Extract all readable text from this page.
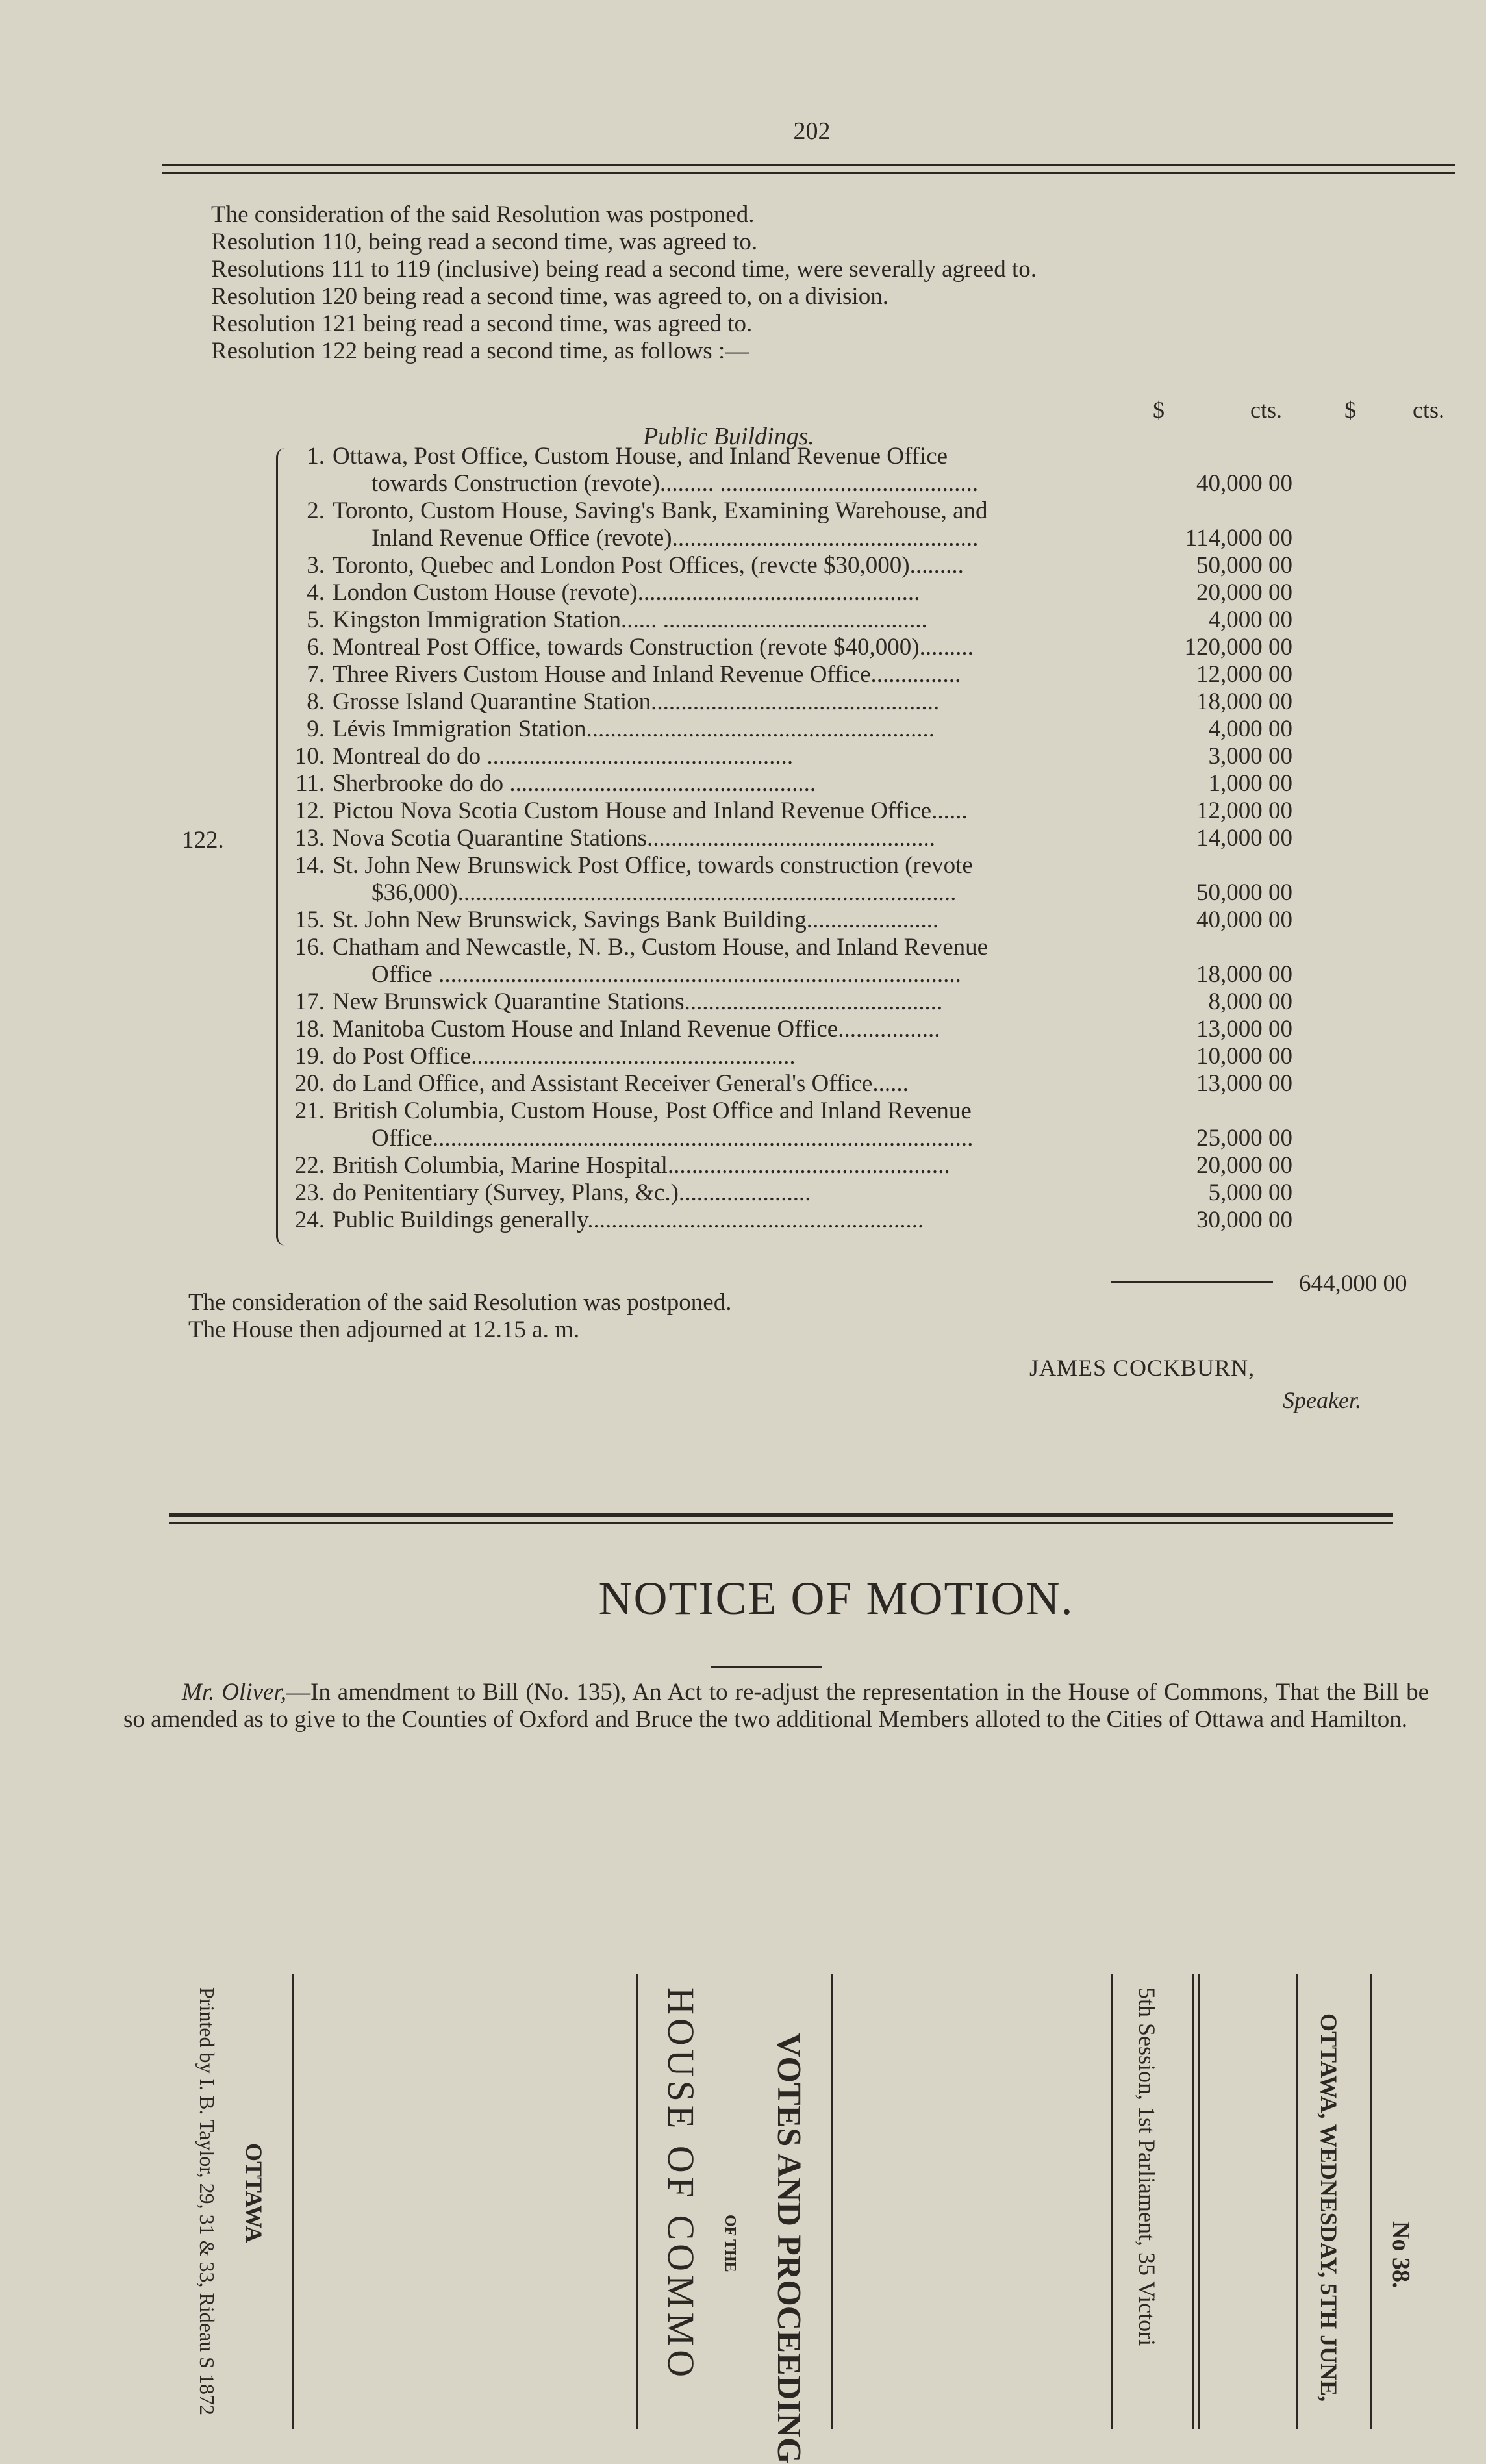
202
The consideration of the said Resolution was postponed.
Resolution 110, being read a second time, was agreed to.
Resolutions 111 to 119 (inclusive) being read a second time, were severally agreed to.
Resolution 120 being read a second time, was agreed to, on a division.
Resolution 121 being read a second time, was agreed to.
Resolution 122 being read a second time, as follows :—
$	cts.	$ cts.
Public Buildings.
122.
1. Ottawa, Post Office, Custom House, and Inland Revenue Office
towards Construction (revote)......... ...........................................	40,000 00
2. Toronto, Custom House, Saving's Bank, Examining Warehouse, and
Inland Revenue Office (revote)...................................................	114,000 00
3. Toronto, Quebec and London Post Offices, (revcte $30,000).........	50,000 00
4. London Custom House (revote)...............................................	20,000 00
5. Kingston Immigration Station...... ............................................	4,000 00
6. Montreal Post Office, towards Construction (revote $40,000).........	120,000 00
7. Three Rivers Custom House and Inland Revenue Office...............	12,000 00
8. Grosse Island Quarantine Station................................................	18,000 00
9. Lévis Immigration Station..........................................................	4,000 00
10. Montreal do do ...................................................	3,000 00
11. Sherbrooke do do ...................................................	1,000 00
12. Pictou Nova Scotia Custom House and Inland Revenue Office......	12,000 00
13. Nova Scotia Quarantine Stations................................................	14,000 00
14. St. John New Brunswick Post Office, towards construction (revote
$36,000)...................................................................................	50,000 00
15. St. John New Brunswick, Savings Bank Building......................	40,000 00
16. Chatham and Newcastle, N. B., Custom House, and Inland Revenue
Office .......................................................................................	18,000 00
17. New Brunswick Quarantine Stations...........................................	8,000 00
18. Manitoba Custom House and Inland Revenue Office.................	13,000 00
19. do Post Office......................................................	10,000 00
20. do Land Office, and Assistant Receiver General's Office......	13,000 00
21. British Columbia, Custom House, Post Office and Inland Revenue
Office..........................................................................................	25,000 00
22. British Columbia, Marine Hospital...............................................	20,000 00
23. do Penitentiary (Survey, Plans, &c.)......................	5,000 00
24. Public Buildings generally........................................................	30,000 00
644,000 00
The consideration of the said Resolution was postponed.
The House then adjourned at 12.15 a. m.
JAMES COCKBURN,
Speaker.
NOTICE OF MOTION.
Mr. Oliver,—In amendment to Bill (No. 135), An Act to re-adjust the representation in the House of Commons, That the Bill be so amended as to give to the Counties of Oxford and Bruce the two additional Members alloted to the Cities of Ottawa and Hamilton.
Printed by I. B. Taylor, 29, 31 & 33, Rideau S 1872
OTTAWA	HOUSE OF COMMO OF THE VOTES AND PROCEEDING	5th Session, 1st Parliament, 35 Victori	OTTAWA, WEDNESDAY, 5TH JUNE, No 38.
